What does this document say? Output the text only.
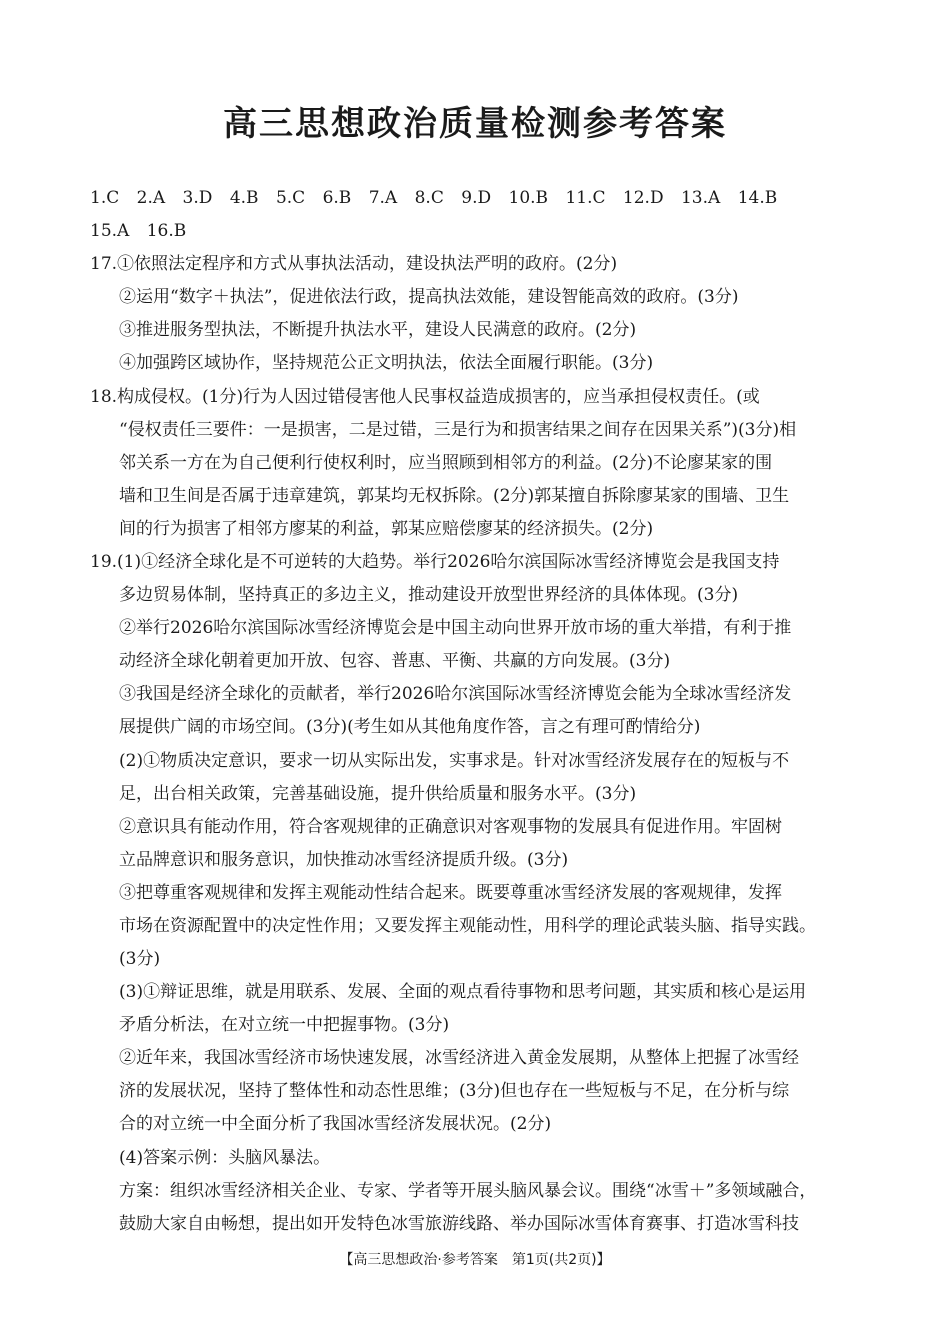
高三思想政治质量检测参考答案
1.C 2.A 3.D 4.B 5.C 6.B 7.A 8.C 9.D 10.B 11.C 12.D 13.A 14.B
15.A 16.B
17.①依照法定程序和方式从事执法活动，建设执法严明的政府。(2分)
②运用“数字＋执法”，促进依法行政，提高执法效能，建设智能高效的政府。(3分)
③推进服务型执法，不断提升执法水平，建设人民满意的政府。(2分)
④加强跨区域协作，坚持规范公正文明执法，依法全面履行职能。(3分)
18.构成侵权。(1分)行为人因过错侵害他人民事权益造成损害的，应当承担侵权责任。(或
“侵权责任三要件：一是损害，二是过错，三是行为和损害结果之间存在因果关系”)(3分)相
邻关系一方在为自己便利行使权利时，应当照顾到相邻方的利益。(2分)不论廖某家的围
墙和卫生间是否属于违章建筑，郭某均无权拆除。(2分)郭某擅自拆除廖某家的围墙、卫生
间的行为损害了相邻方廖某的利益，郭某应赔偿廖某的经济损失。(2分)
19.(1)①经济全球化是不可逆转的大趋势。举行2026哈尔滨国际冰雪经济博览会是我国支持
多边贸易体制，坚持真正的多边主义，推动建设开放型世界经济的具体体现。(3分)
②举行2026哈尔滨国际冰雪经济博览会是中国主动向世界开放市场的重大举措，有利于推
动经济全球化朝着更加开放、包容、普惠、平衡、共赢的方向发展。(3分)
③我国是经济全球化的贡献者，举行2026哈尔滨国际冰雪经济博览会能为全球冰雪经济发
展提供广阔的市场空间。(3分)(考生如从其他角度作答，言之有理可酌情给分)
(2)①物质决定意识，要求一切从实际出发，实事求是。针对冰雪经济发展存在的短板与不
足，出台相关政策，完善基础设施，提升供给质量和服务水平。(3分)
②意识具有能动作用，符合客观规律的正确意识对客观事物的发展具有促进作用。牢固树
立品牌意识和服务意识，加快推动冰雪经济提质升级。(3分)
③把尊重客观规律和发挥主观能动性结合起来。既要尊重冰雪经济发展的客观规律，发挥
市场在资源配置中的决定性作用；又要发挥主观能动性，用科学的理论武装头脑、指导实践。
(3分)
(3)①辩证思维，就是用联系、发展、全面的观点看待事物和思考问题，其实质和核心是运用
矛盾分析法，在对立统一中把握事物。(3分)
②近年来，我国冰雪经济市场快速发展，冰雪经济进入黄金发展期，从整体上把握了冰雪经
济的发展状况，坚持了整体性和动态性思维；(3分)但也存在一些短板与不足，在分析与综
合的对立统一中全面分析了我国冰雪经济发展状况。(2分)
(4)答案示例：头脑风暴法。
方案：组织冰雪经济相关企业、专家、学者等开展头脑风暴会议。围绕“冰雪＋”多领域融合，
鼓励大家自由畅想，提出如开发特色冰雪旅游线路、举办国际冰雪体育赛事、打造冰雪科技
【高三思想政治·参考答案　第1页(共2页)】
